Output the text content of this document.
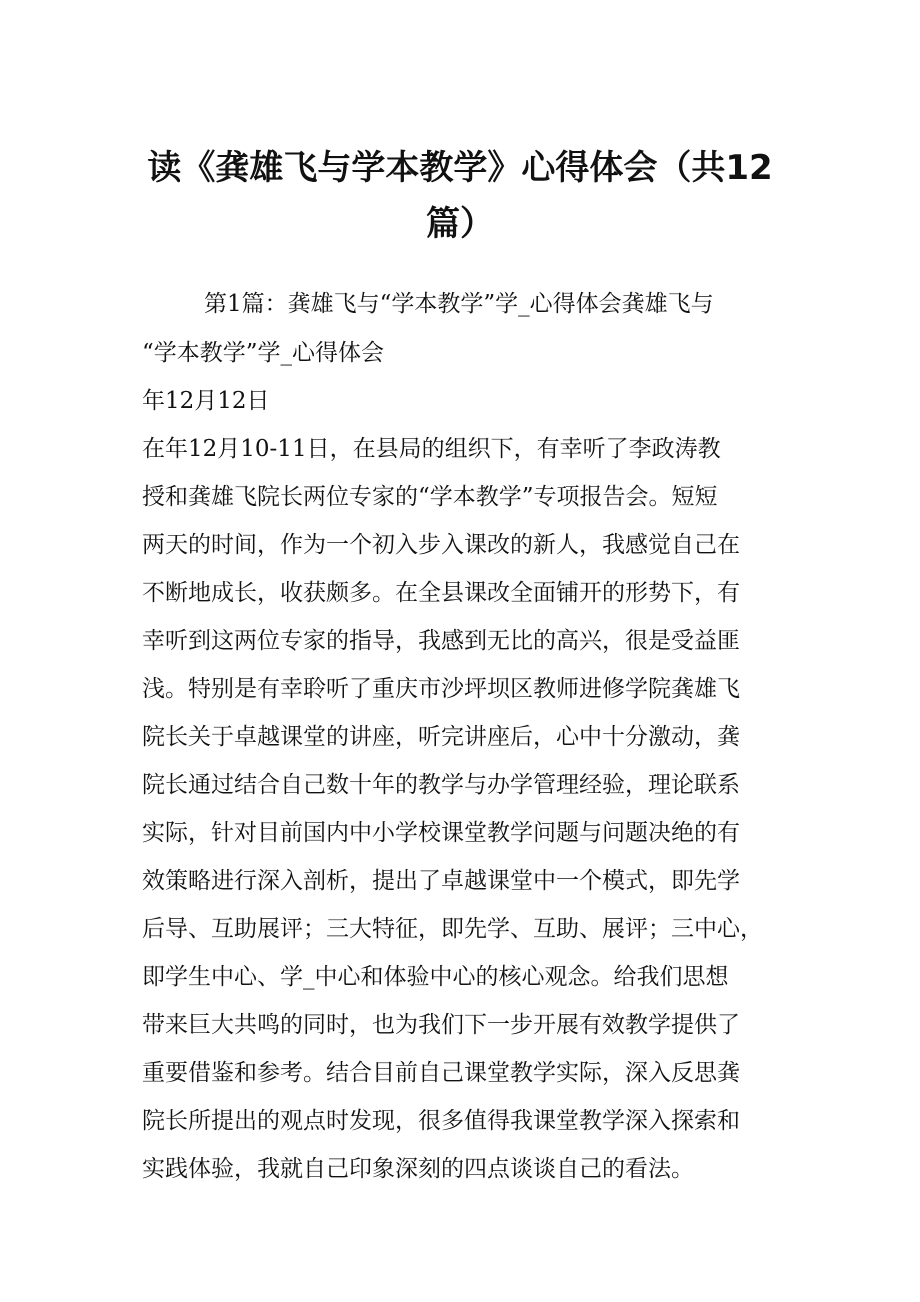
读《龚雄飞与学本教学》心得体会（共12
篇）

第1篇：龚雄飞与“学本教学”学_心得体会龚雄飞与

“学本教学”学_心得体会

年12月12日

在年12月10-11日，在县局的组织下，有幸听了李政涛教

授和龚雄飞院长两位专家的“学本教学”专项报告会。短短

两天的时间，作为一个初入步入课改的新人，我感觉自己在

不断地成长，收获颇多。在全县课改全面铺开的形势下，有

幸听到这两位专家的指导，我感到无比的高兴，很是受益匪

浅。特别是有幸聆听了重庆市沙坪坝区教师进修学院龚雄飞

院长关于卓越课堂的讲座，听完讲座后，心中十分激动，龚

院长通过结合自己数十年的教学与办学管理经验，理论联系

实际，针对目前国内中小学校课堂教学问题与问题决绝的有

效策略进行深入剖析，提出了卓越课堂中一个模式，即先学

后导、互助展评；三大特征，即先学、互助、展评；三中心，

即学生中心、学_中心和体验中心的核心观念。给我们思想

带来巨大共鸣的同时，也为我们下一步开展有效教学提供了

重要借鉴和参考。结合目前自己课堂教学实际，深入反思龚

院长所提出的观点时发现，很多值得我课堂教学深入探索和

实践体验，我就自己印象深刻的四点谈谈自己的看法。
